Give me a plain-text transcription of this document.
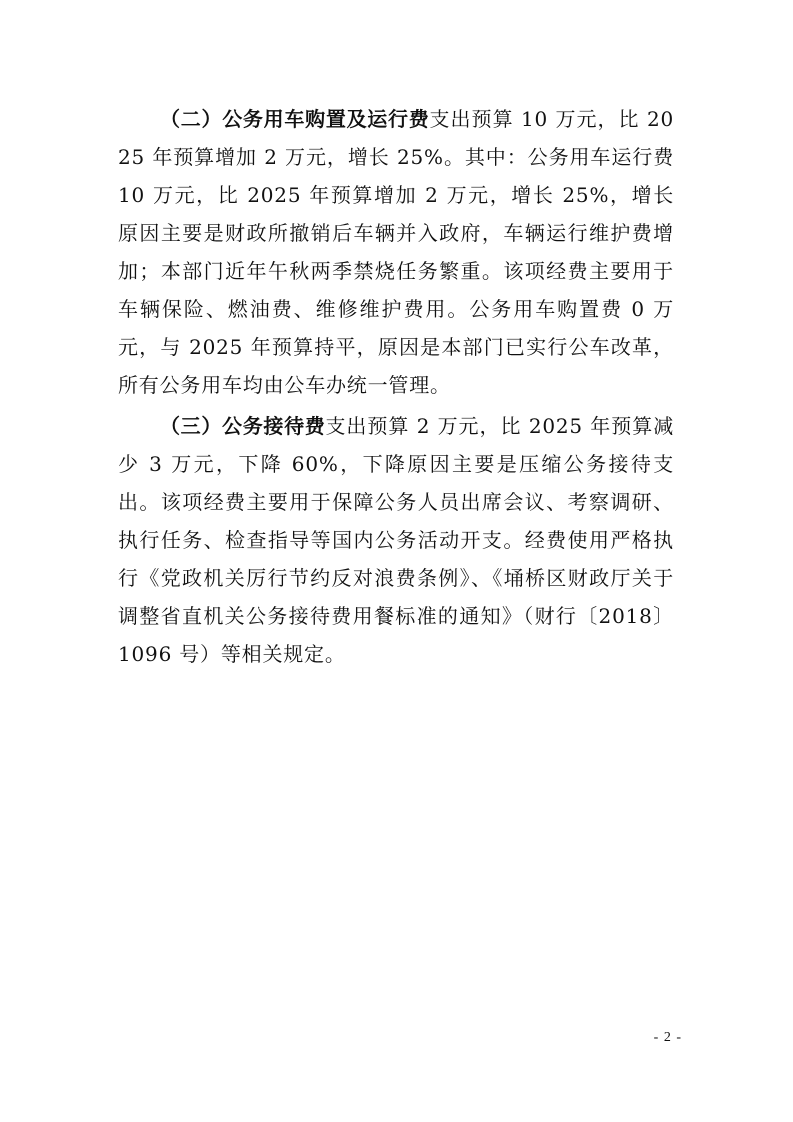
（二）公务用车购置及运行费支出预算 10 万元，比 2025 年预算增加 2 万元，增长 25%。其中：公务用车运行费 10 万元，比 2025 年预算增加 2 万元，增长 25%，增长原因主要是财政所撤销后车辆并入政府，车辆运行维护费增加；本部门近年午秋两季禁烧任务繁重。该项经费主要用于车辆保险、燃油费、维修维护费用。公务用车购置费 0 万元，与 2025 年预算持平，原因是本部门已实行公车改革，所有公务用车均由公车办统一管理。

（三）公务接待费支出预算 2 万元，比 2025 年预算减少 3 万元，下降 60%，下降原因主要是压缩公务接待支出。该项经费主要用于保障公务人员出席会议、考察调研、执行任务、检查指导等国内公务活动开支。经费使用严格执行《党政机关厉行节约反对浪费条例》、《埇桥区财政厅关于调整省直机关公务接待费用餐标准的通知》（财行〔2018〕1096 号）等相关规定。

- 2 -
